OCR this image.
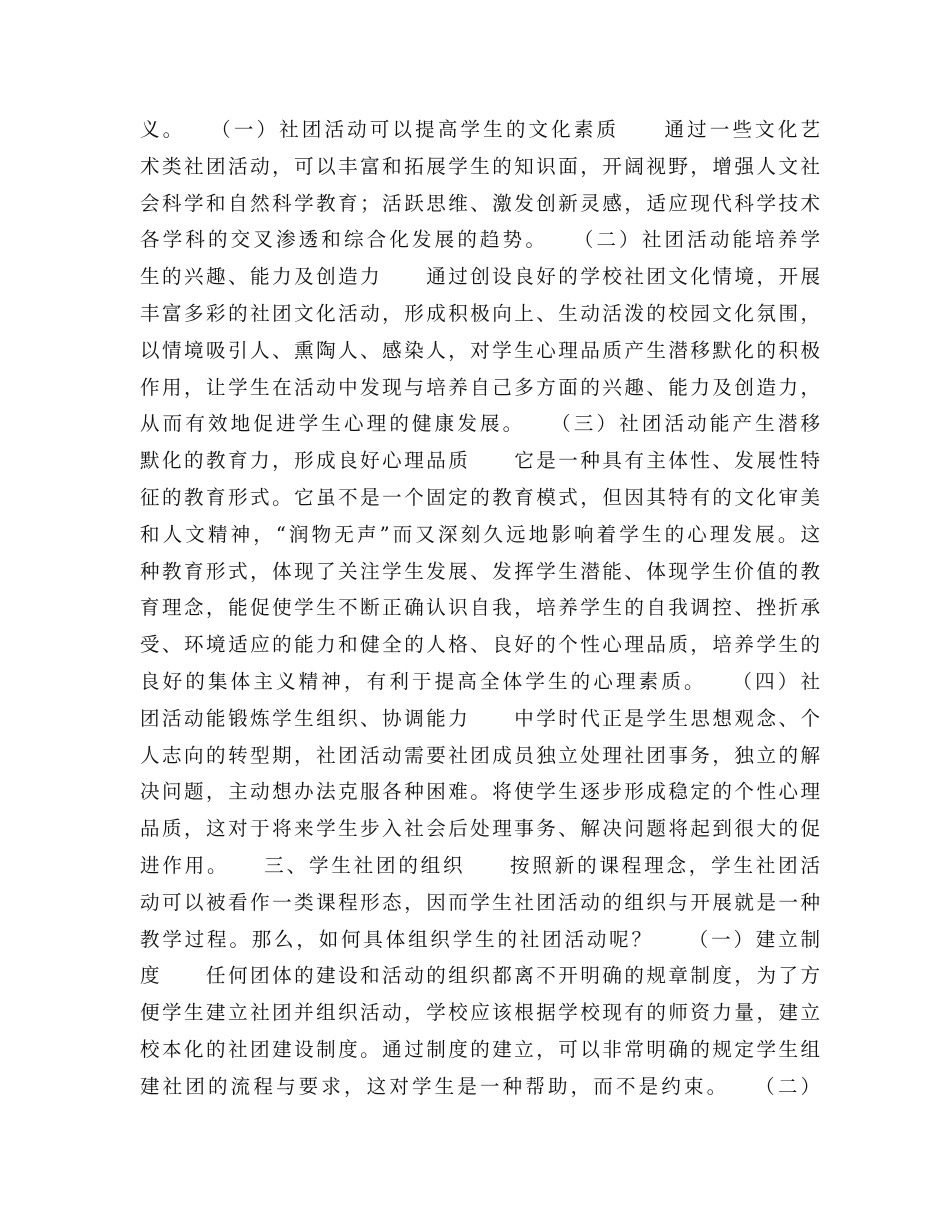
义。　　（一）社团活动可以提高学生的文化素质　　通过一些文化艺
术类社团活动，可以丰富和拓展学生的知识面，开阔视野，增强人文社
会科学和自然科学教育；活跃思维、激发创新灵感，适应现代科学技术
各学科的交叉渗透和综合化发展的趋势。　　（二）社团活动能培养学
生的兴趣、能力及创造力　　通过创设良好的学校社团文化情境，开展
丰富多彩的社团文化活动，形成积极向上、生动活泼的校园文化氛围，
以情境吸引人、熏陶人、感染人，对学生心理品质产生潜移默化的积极
作用，让学生在活动中发现与培养自己多方面的兴趣、能力及创造力，
从而有效地促进学生心理的健康发展。　　（三）社团活动能产生潜移
默化的教育力，形成良好心理品质　　它是一种具有主体性、发展性特
征的教育形式。它虽不是一个固定的教育模式，但因其特有的文化审美
和人文精神，“润物无声”而又深刻久远地影响着学生的心理发展。这
种教育形式，体现了关注学生发展、发挥学生潜能、体现学生价值的教
育理念，能促使学生不断正确认识自我，培养学生的自我调控、挫折承
受、环境适应的能力和健全的人格、良好的个性心理品质，培养学生的
良好的集体主义精神，有利于提高全体学生的心理素质。　　（四）社
团活动能锻炼学生组织、协调能力　　中学时代正是学生思想观念、个
人志向的转型期，社团活动需要社团成员独立处理社团事务，独立的解
决问题，主动想办法克服各种困难。将使学生逐步形成稳定的个性心理
品质，这对于将来学生步入社会后处理事务、解决问题将起到很大的促
进作用。　　三、学生社团的组织　　按照新的课程理念，学生社团活
动可以被看作一类课程形态，因而学生社团活动的组织与开展就是一种
教学过程。那么，如何具体组织学生的社团活动呢？　　（一）建立制
度　　任何团体的建设和活动的组织都离不开明确的规章制度，为了方
便学生建立社团并组织活动，学校应该根据学校现有的师资力量，建立
校本化的社团建设制度。通过制度的建立，可以非常明确的规定学生组
建社团的流程与要求，这对学生是一种帮助，而不是约束。　　（二）
